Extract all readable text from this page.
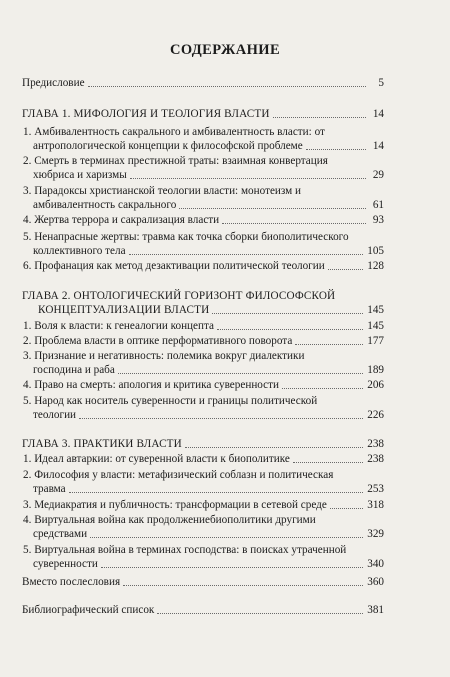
СОДЕРЖАНИЕ
Предисловие	5
ГЛАВА 1. МИФОЛОГИЯ И ТЕОЛОГИЯ ВЛАСТИ	14
1. Амбивалентность сакрального и амбивалентность власти: от
антропологической концепции к философской проблеме	14
2. Смерть в терминах престижной траты: взаимная конвертация
хюбриса и харизмы	29
3. Парадоксы христианской теологии власти: монотеизм и
амбивалентность сакрального	61
4. Жертва террора и сакрализация власти	93
5. Ненапрасные жертвы: травма как точка сборки биополитического
коллективного тела	105
6. Профанация как метод дезактивации политической теологии	128
ГЛАВА 2. ОНТОЛОГИЧЕСКИЙ ГОРИЗОНТ ФИЛОСОФСКОЙ
КОНЦЕПТУАЛИЗАЦИИ ВЛАСТИ	145
1. Воля к власти: к генеалогии концепта	145
2. Проблема власти в оптике перформативного поворота	177
3. Признание и негативность: полемика вокруг диалектики
господина и раба	189
4. Право на смерть: апология и критика суверенности	206
5. Народ как носитель суверенности и границы политической
теологии	226
ГЛАВА 3. ПРАКТИКИ ВЛАСТИ	238
1. Идеал автаркии: от суверенной власти к биополитике	238
2. Философия у власти: метафизический соблазн и политическая
травма	253
3. Медиакратия и публичность: трансформации в сетевой среде	318
4. Виртуальная война как продолжениебиополитики другими
средствами	329
5. Виртуальная война в терминах господства: в поисках утраченной
суверенности	340
Вместо послесловия	360
Библиографический список	381
